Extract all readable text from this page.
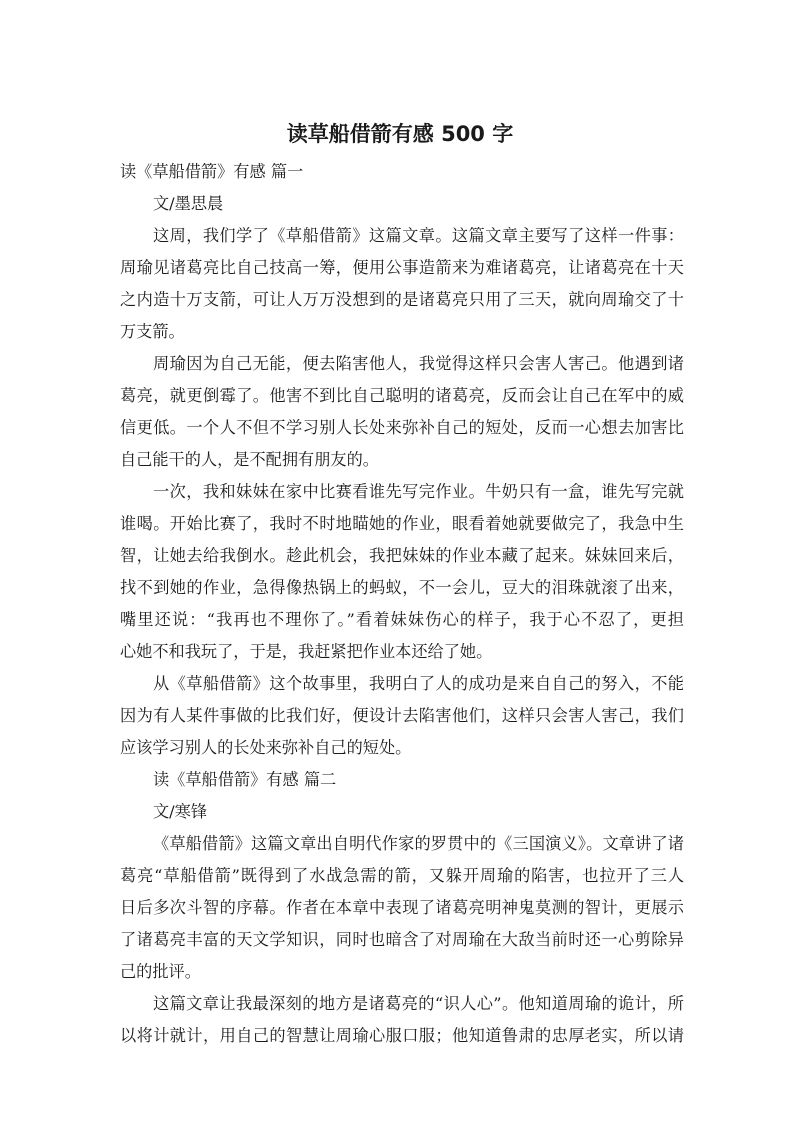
读草船借箭有感 500 字
读《草船借箭》有感 篇一
文/墨思晨
这周，我们学了《草船借箭》这篇文章。这篇文章主要写了这样一件事：
周瑜见诸葛亮比自己技高一筹，便用公事造箭来为难诸葛亮，让诸葛亮在十天
之内造十万支箭，可让人万万没想到的是诸葛亮只用了三天，就向周瑜交了十
万支箭。
周瑜因为自己无能，便去陷害他人，我觉得这样只会害人害己。他遇到诸
葛亮，就更倒霉了。他害不到比自己聪明的诸葛亮，反而会让自己在军中的威
信更低。一个人不但不学习别人长处来弥补自己的短处，反而一心想去加害比
自己能干的人，是不配拥有朋友的。
一次，我和妹妹在家中比赛看谁先写完作业。牛奶只有一盒，谁先写完就
谁喝。开始比赛了，我时不时地瞄她的作业，眼看着她就要做完了，我急中生
智，让她去给我倒水。趁此机会，我把妹妹的作业本藏了起来。妹妹回来后，
找不到她的作业，急得像热锅上的蚂蚁，不一会儿，豆大的泪珠就滚了出来，
嘴里还说：“我再也不理你了。”看着妹妹伤心的样子，我于心不忍了，更担
心她不和我玩了，于是，我赶紧把作业本还给了她。
从《草船借箭》这个故事里，我明白了人的成功是来自自己的努入，不能
因为有人某件事做的比我们好，便设计去陷害他们，这样只会害人害己，我们
应该学习别人的长处来弥补自己的短处。
读《草船借箭》有感 篇二
文/寒锋
《草船借箭》这篇文章出自明代作家的罗贯中的《三国演义》。文章讲了诸
葛亮“草船借箭”既得到了水战急需的箭，又躲开周瑜的陷害，也拉开了三人
日后多次斗智的序幕。作者在本章中表现了诸葛亮明神鬼莫测的智计，更展示
了诸葛亮丰富的天文学知识，同时也暗含了对周瑜在大敌当前时还一心剪除异
己的批评。
这篇文章让我最深刻的地方是诸葛亮的“识人心”。他知道周瑜的诡计，所
以将计就计，用自己的智慧让周瑜心服口服；他知道鲁肃的忠厚老实，所以请
